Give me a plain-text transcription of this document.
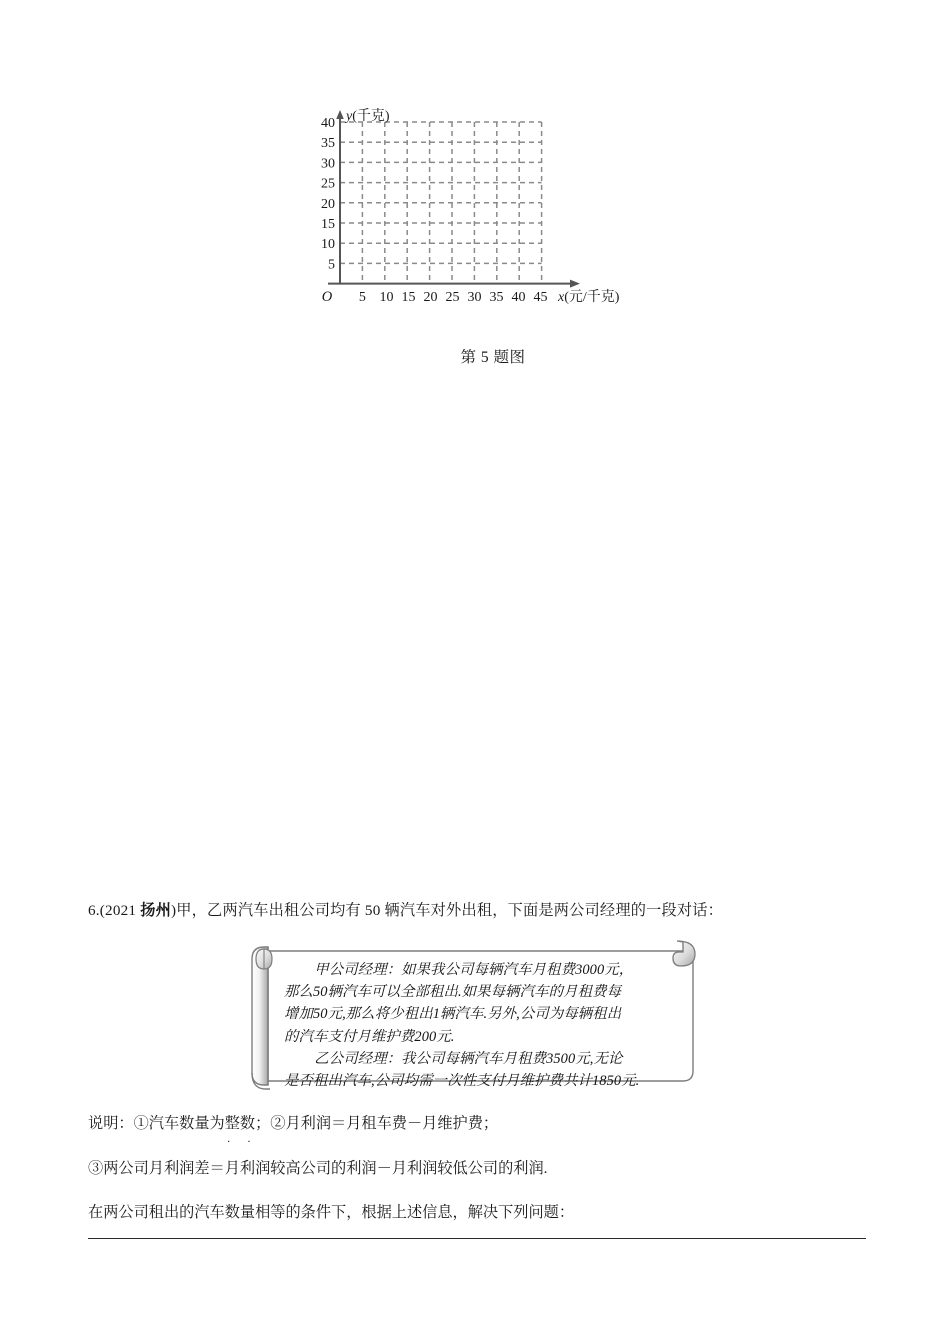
40
35
30
25
20
15
10
5
5 10 15 20 25 30 35 40 45
O
y(千克)
x(元/千克)
第 5 题图
6.(2021 扬州)甲，乙两汽车出租公司均有 50 辆汽车对外出租，下面是两公司经理的一段对话：

甲公司经理：如果我公司每辆汽车月租费3000元，

那么50辆汽车可以全部租出.如果每辆汽车的月租费每

增加50元,那么将少租出1辆汽车.另外,公司为每辆租出

的汽车支付月维护费200元.

乙公司经理：我公司每辆汽车月租费3500元,无论

是否租出汽车,公司均需一次性支付月维护费共计1850元.

说明：①汽车数量为整数 · ·；②月利润＝月租车费－月维护费；
③两公司月利润差＝月利润较高公司的利润－月利润较低公司的利润.
在两公司租出的汽车数量相等的条件下，根据上述信息，解决下列问题：
